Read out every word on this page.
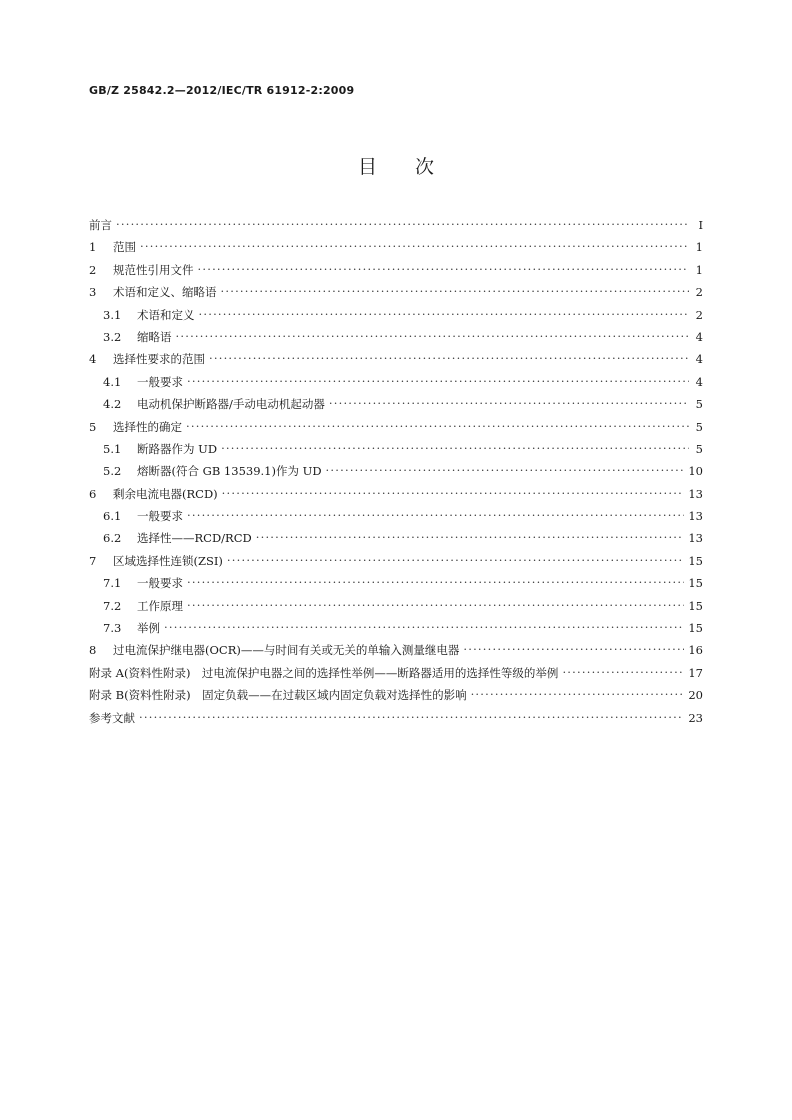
GB/Z 25842.2—2012/IEC/TR 61912-2:2009
目次
前言 ·····	Ⅰ
1	范围 ·····	1
2	规范性引用文件 ·····	1
3	术语和定义、缩略语 ·····	2
3.1	术语和定义 ·····	2
3.2	缩略语 ·····	4
4	选择性要求的范围 ·····	4
4.1	一般要求 ·····	4
4.2	电动机保护断路器/手动电动机起动器 ·····	5
5	选择性的确定 ·····	5
5.1	断路器作为 UD ·····	5
5.2	熔断器(符合 GB 13539.1)作为 UD ·····	10
6	剩余电流电器(RCD) ·····	13
6.1	一般要求 ·····	13
6.2	选择性——RCD/RCD ·····	13
7	区域选择性连锁(ZSI) ·····	15
7.1	一般要求 ·····	15
7.2	工作原理 ·····	15
7.3	举例 ·····	15
8	过电流保护继电器(OCR)——与时间有关或无关的单输入测量继电器 ·····	16
附录 A(资料性附录)　过电流保护电器之间的选择性举例——断路器适用的选择性等级的举例 ·····	17
附录 B(资料性附录)　固定负载——在过载区域内固定负载对选择性的影响 ·····	20
参考文献 ·····	23
